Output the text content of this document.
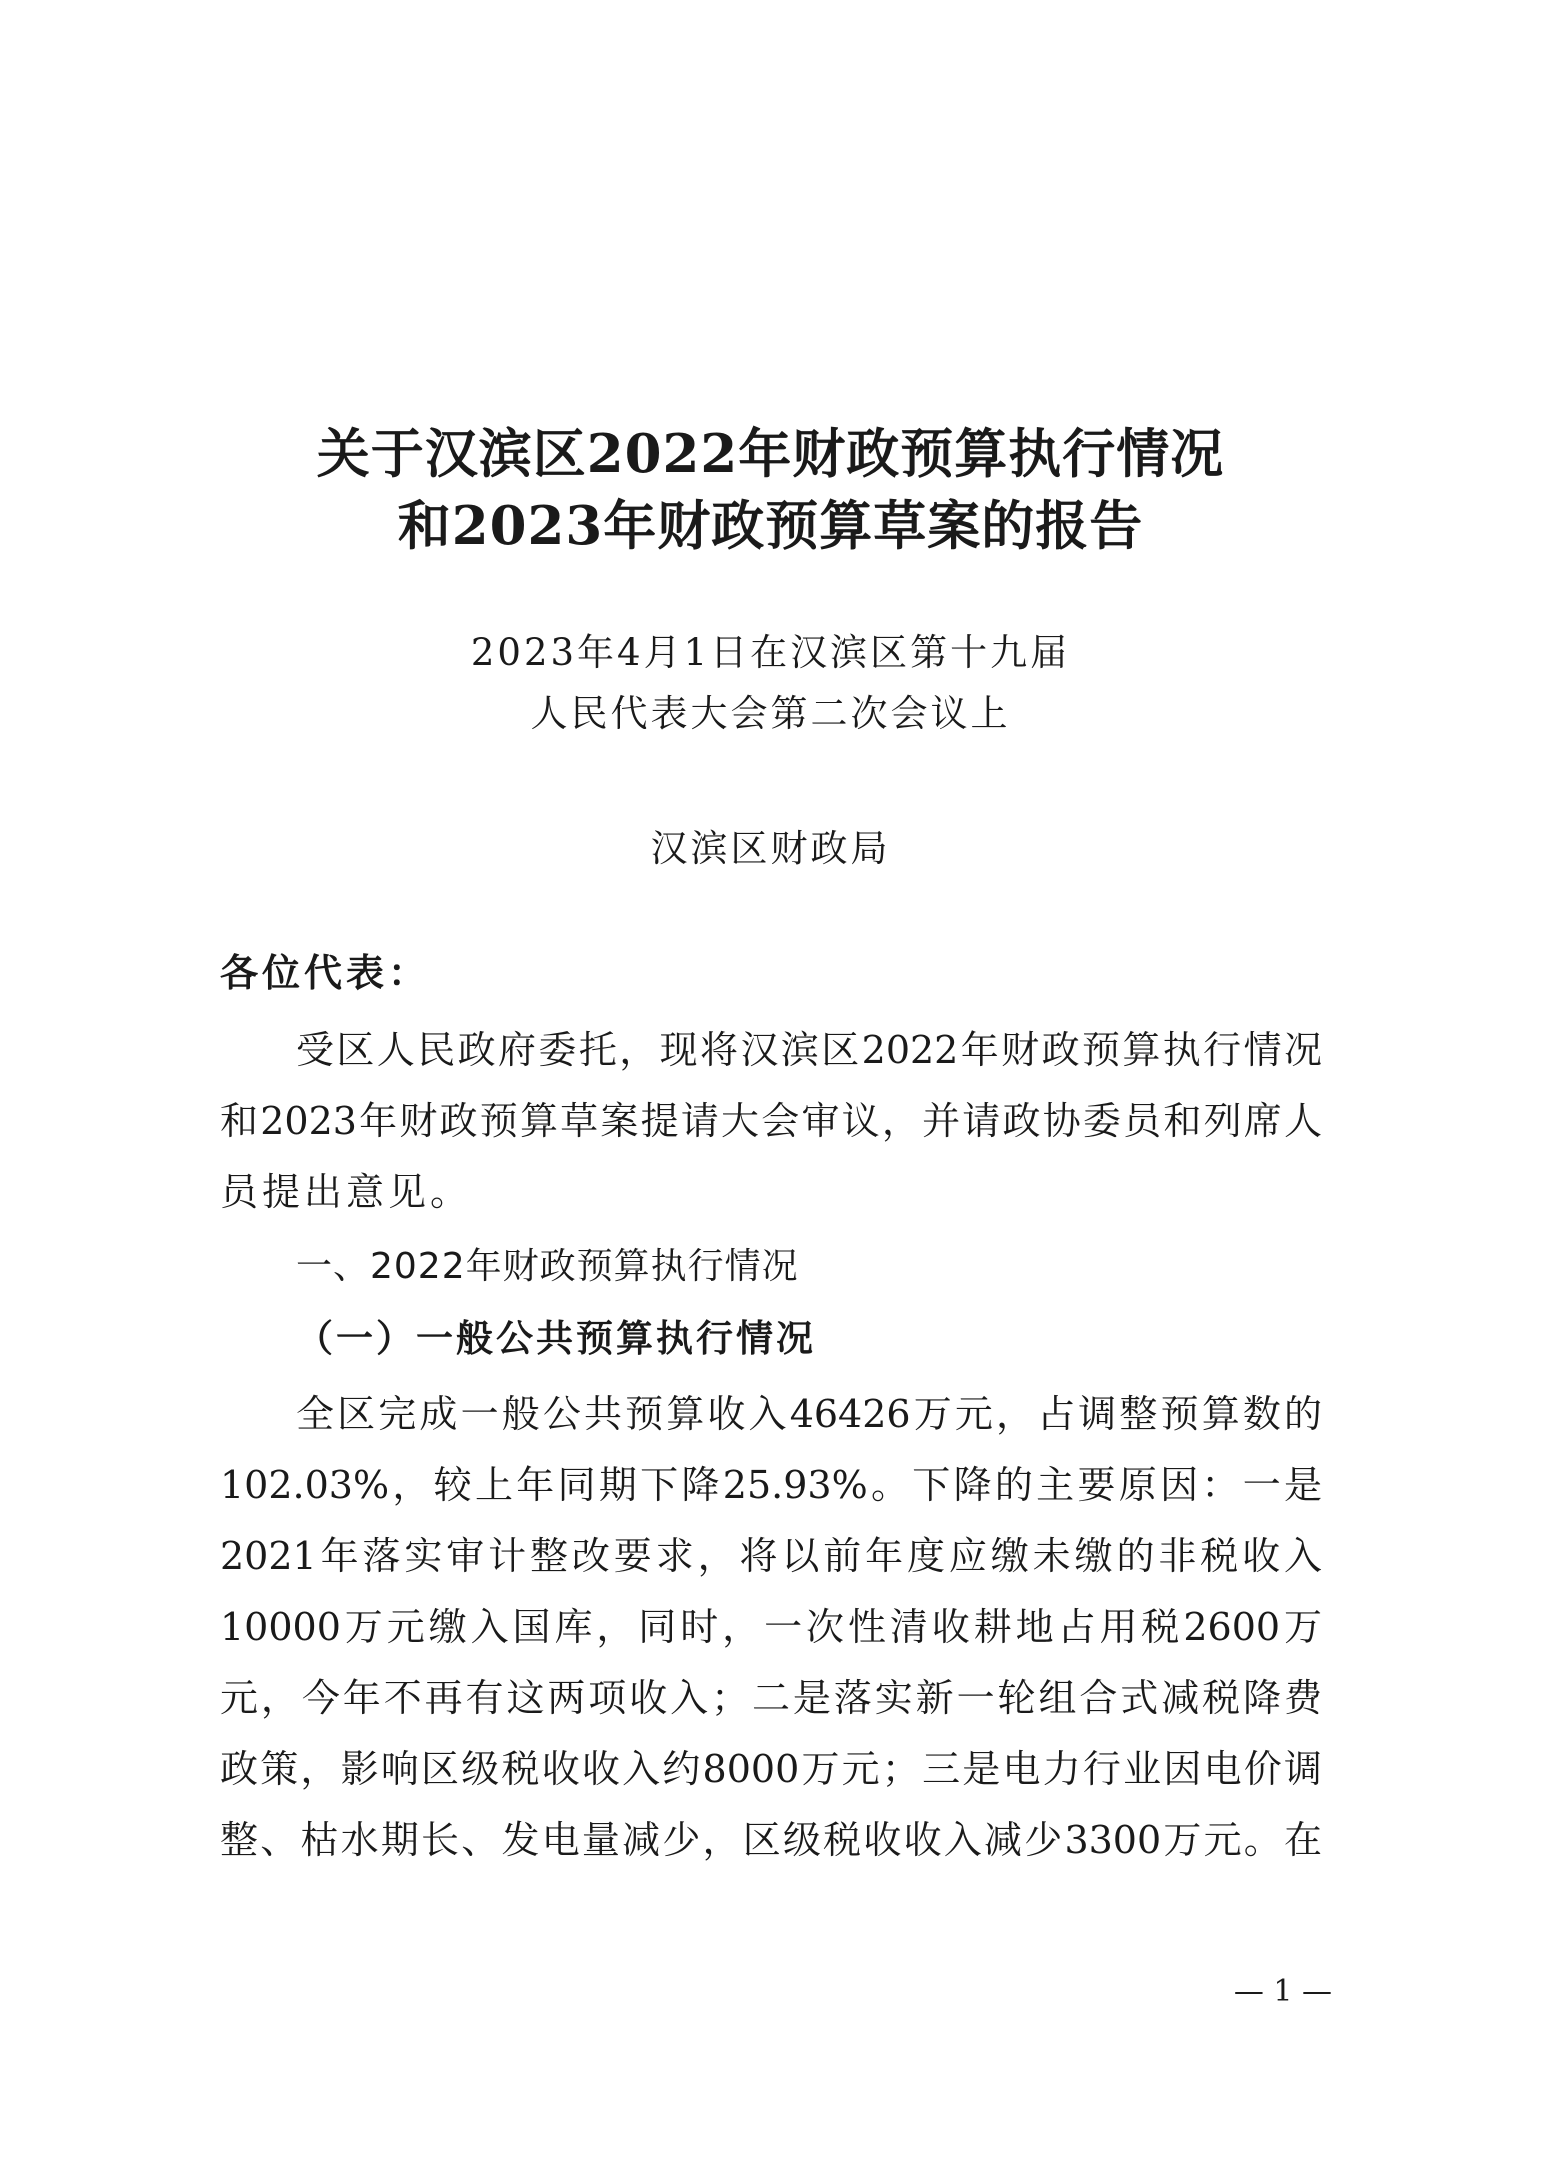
关于汉滨区2022年财政预算执行情况
和2023年财政预算草案的报告
2023年4月1日在汉滨区第十九届
人民代表大会第二次会议上
汉滨区财政局
各位代表：
受区人民政府委托，现将汉滨区2022年财政预算执行情况
和2023年财政预算草案提请大会审议，并请政协委员和列席人
员提出意见。
一、2022年财政预算执行情况
（一）一般公共预算执行情况
全区完成一般公共预算收入46426万元，占调整预算数的
102.03%，较上年同期下降25.93%。下降的主要原因：一是
2021年落实审计整改要求，将以前年度应缴未缴的非税收入
10000万元缴入国库，同时，一次性清收耕地占用税2600万
元，今年不再有这两项收入；二是落实新一轮组合式减税降费
政策，影响区级税收收入约8000万元；三是电力行业因电价调
整、枯水期长、发电量减少，区级税收收入减少3300万元。在
— 1 —
